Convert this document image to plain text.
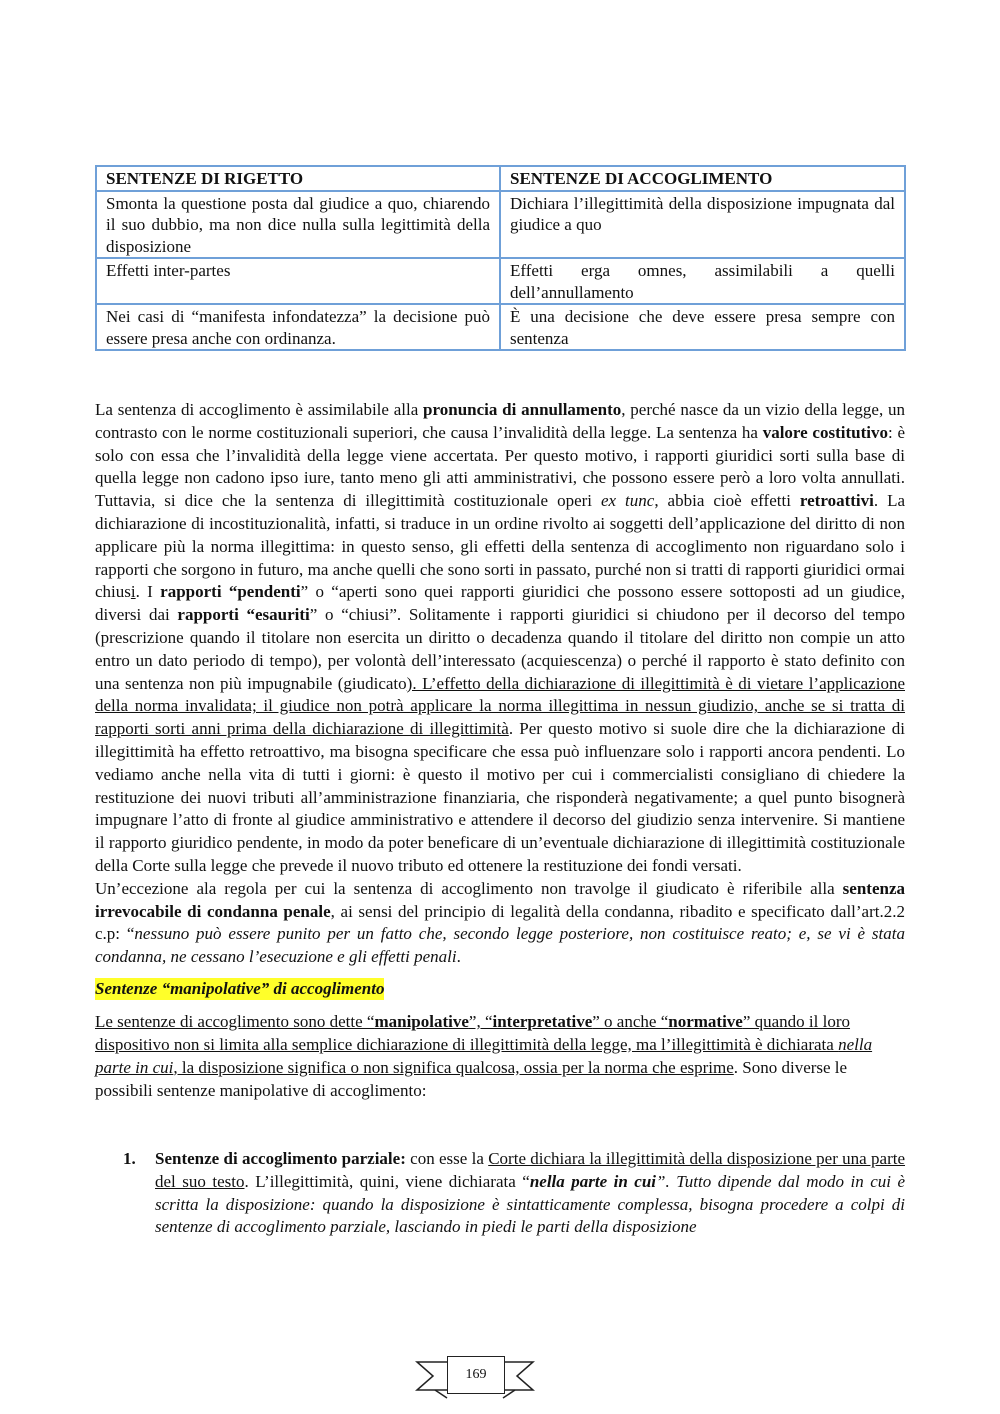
SENTENZE DI RIGETTO	SENTENZE DI ACCOGLIMENTO
Smonta la questione posta dal giudice a quo, chiarendo il suo dubbio, ma non dice nulla sulla legittimità della disposizione	Dichiara l’illegittimità della disposizione impugnata dal giudice a quo
Effetti inter-partes	Effetti erga omnes, assimilabili a quelli dell’annullamento
Nei casi di “manifesta infondatezza” la decisione può essere presa anche con ordinanza.	È una decisione che deve essere presa sempre con sentenza

La sentenza di accoglimento è assimilabile alla pronuncia di annullamento, perché nasce da un vizio della legge, un contrasto con le norme costituzionali superiori, che causa l’invalidità della legge. La sentenza ha valore costitutivo: è solo con essa che l’invalidità della legge viene accertata. Per questo motivo, i rapporti giuridici sorti sulla base di quella legge non cadono ipso iure, tanto meno gli atti amministrativi, che possono essere però a loro volta annullati. Tuttavia, si dice che la sentenza di illegittimità costituzionale operi ex tunc, abbia cioè effetti retroattivi. La dichiarazione di incostituzionalità, infatti, si traduce in un ordine rivolto ai soggetti dell’applicazione del diritto di non applicare più la norma illegittima: in questo senso, gli effetti della sentenza di accoglimento non riguardano solo i rapporti che sorgono in futuro, ma anche quelli che sono sorti in passato, purché non si tratti di rapporti giuridici ormai chiusi. I rapporti “pendenti” o “aperti sono quei rapporti giuridici che possono essere sottoposti ad un giudice, diversi dai rapporti “esauriti” o “chiusi”. Solitamente i rapporti giuridici si chiudono per il decorso del tempo (prescrizione quando il titolare non esercita un diritto o decadenza quando il titolare del diritto non compie un atto entro un dato periodo di tempo), per volontà dell’interessato (acquiescenza) o perché il rapporto è stato definito con una sentenza non più impugnabile (giudicato). L’effetto della dichiarazione di illegittimità è di vietare l’applicazione della norma invalidata; il giudice non potrà applicare la norma illegittima in nessun giudizio, anche se si tratta di rapporti sorti anni prima della dichiarazione di illegittimità. Per questo motivo si suole dire che la dichiarazione di illegittimità ha effetto retroattivo, ma bisogna specificare che essa può influenzare solo i rapporti ancora pendenti. Lo vediamo anche nella vita di tutti i giorni: è questo il motivo per cui i commercialisti consigliano di chiedere la restituzione dei nuovi tributi all’amministrazione finanziaria, che risponderà negativamente; a quel punto bisognerà impugnare l’atto di fronte al giudice amministrativo e attendere il decorso del giudizio senza intervenire. Si mantiene il rapporto giuridico pendente, in modo da poter beneficare di un’eventuale dichiarazione di illegittimità costituzionale della Corte sulla legge che prevede il nuovo tributo ed ottenere la restituzione dei fondi versati.

Un’eccezione ala regola per cui la sentenza di accoglimento non travolge il giudicato è riferibile alla sentenza irrevocabile di condanna penale, ai sensi del principio di legalità della condanna, ribadito e specificato dall’art.2.2 c.p: “nessuno può essere punito per un fatto che, secondo legge posteriore, non costituisce reato; e, se vi è stata condanna, ne cessano l’esecuzione e gli effetti penali.

Sentenze “manipolative” di accoglimento
Le sentenze di accoglimento sono dette “manipolative”, “interpretative” o anche “normative” quando il loro dispositivo non si limita alla semplice dichiarazione di illegittimità della legge, ma l’illegittimità è dichiarata nella parte in cui, la disposizione significa o non significa qualcosa, ossia per la norma che esprime. Sono diverse le possibili sentenze manipolative di accoglimento:
1. Sentenze di accoglimento parziale: con esse la Corte dichiara la illegittimità della disposizione per una parte del suo testo. L’illegittimità, quini, viene dichiarata “nella parte in cui”. Tutto dipende dal modo in cui è scritta la disposizione: quando la disposizione è sintatticamente complessa, bisogna procedere a colpi di sentenze di accoglimento parziale, lasciando in piedi le parti della disposizione
169
